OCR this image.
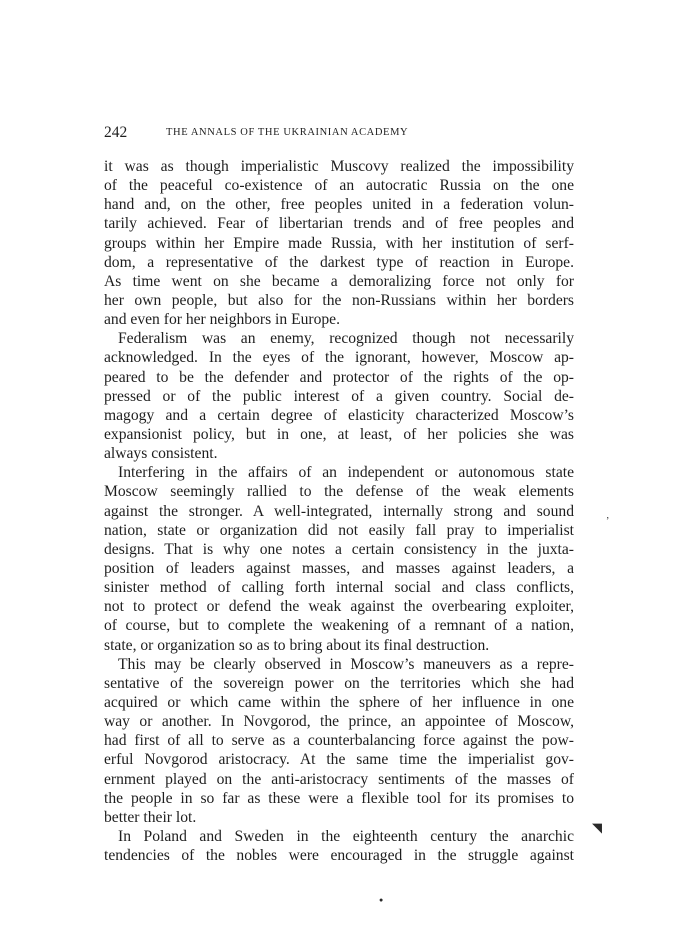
242	THE ANNALS OF THE UKRAINIAN ACADEMY
it was as though imperialistic Muscovy realized the impossibility
of the peaceful co-existence of an autocratic Russia on the one
hand and, on the other, free peoples united in a federation volun-
tarily achieved. Fear of libertarian trends and of free peoples and
groups within her Empire made Russia, with her institution of serf-
dom, a representative of the darkest type of reaction in Europe.
As time went on she became a demoralizing force not only for
her own people, but also for the non-Russians within her borders
and even for her neighbors in Europe.
Federalism was an enemy, recognized though not necessarily
acknowledged. In the eyes of the ignorant, however, Moscow ap-
peared to be the defender and protector of the rights of the op-
pressed or of the public interest of a given country. Social de-
magogy and a certain degree of elasticity characterized Moscow’s
expansionist policy, but in one, at least, of her policies she was
always consistent.
Interfering in the affairs of an independent or autonomous state
Moscow seemingly rallied to the defense of the weak elements
against the stronger. A well-integrated, internally strong and sound
nation, state or organization did not easily fall pray to imperialist
designs. That is why one notes a certain consistency in the juxta-
position of leaders against masses, and masses against leaders, a
sinister method of calling forth internal social and class conflicts,
not to protect or defend the weak against the overbearing exploiter,
of course, but to complete the weakening of a remnant of a nation,
state, or organization so as to bring about its final destruction.
This may be clearly observed in Moscow’s maneuvers as a repre-
sentative of the sovereign power on the territories which she had
acquired or which came within the sphere of her influence in one
way or another. In Novgorod, the prince, an appointee of Moscow,
had first of all to serve as a counterbalancing force against the pow-
erful Novgorod aristocracy. At the same time the imperialist gov-
ernment played on the anti-aristocracy sentiments of the masses of
the people in so far as these were a flexible tool for its promises to
better their lot.
In Poland and Sweden in the eighteenth century the anarchic
tendencies of the nobles were encouraged in the struggle against
’
◥
●
